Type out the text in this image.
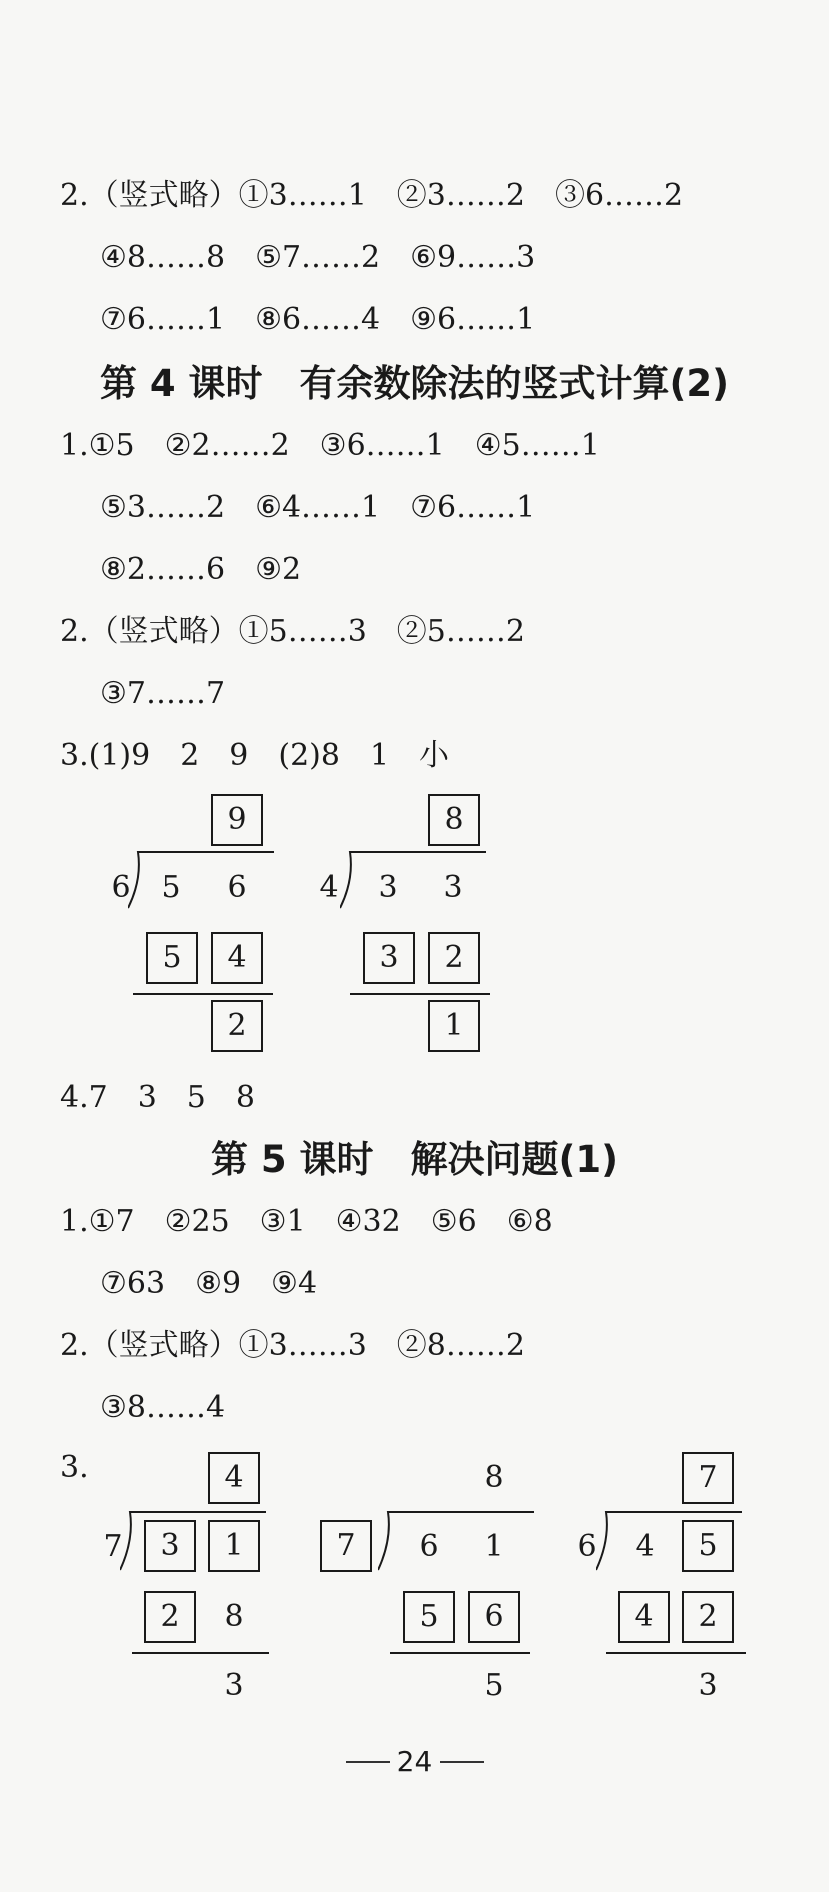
2.（竖式略）①3……1　②3……2　③6……2
④8……8　⑤7……2　⑥9……3
⑦6……1　⑧6……4　⑨6……1
第 4 课时　有余数除法的竖式计算(2)
1.①5　②2……2　③6……1　④5……1
⑤3……2　⑥4……1　⑦6……1
⑧2……6　⑨2
2.（竖式略）①5……3　②5……2
③7……7
3.(1)9　2　9　(2)8　1　小
9
6	5	6
5	4
2
8
4	3	3
3	2
1
4.7　3　5　8
第 5 课时　解决问题(1)
1.①7　②25　③1　④32　⑤6　⑥8
⑦63　⑧9　⑨4
2.（竖式略）①3……3　②8……2
③8……4
3.	4
7	3	1
2	8
3
8
7	6	1
5	6
5
7
6	4	5
4	2
3
24
